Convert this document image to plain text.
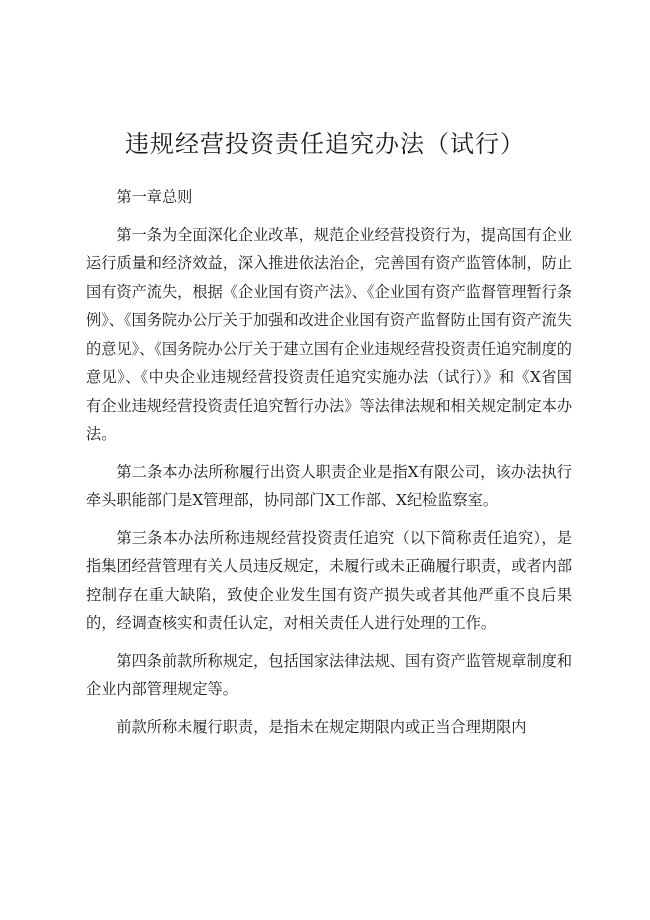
违规经营投资责任追究办法（试行）

第一章总则

第一条为全面深化企业改革，规范企业经营投资行为，提高国有企业运行质量和经济效益，深入推进依法治企，完善国有资产监管体制，防止国有资产流失，根据《企业国有资产法》、《企业国有资产监督管理暂行条例》、《国务院办公厅关于加强和改进企业国有资产监督防止国有资产流失的意见》、《国务院办公厅关于建立国有企业违规经营投资责任追究制度的意见》、《中央企业违规经营投资责任追究实施办法（试行）》和《X省国有企业违规经营投资责任追究暂行办法》等法律法规和相关规定制定本办法。

第二条本办法所称履行出资人职责企业是指X有限公司，该办法执行牵头职能部门是X管理部，协同部门X工作部、X纪检监察室。

第三条本办法所称违规经营投资责任追究（以下简称责任追究），是指集团经营管理有关人员违反规定，未履行或未正确履行职责，或者内部控制存在重大缺陷，致使企业发生国有资产损失或者其他严重不良后果的，经调查核实和责任认定，对相关责任人进行处理的工作。

第四条前款所称规定，包括国家法律法规、国有资产监管规章制度和企业内部管理规定等。

前款所称未履行职责，是指未在规定期限内或正当合理期限内
